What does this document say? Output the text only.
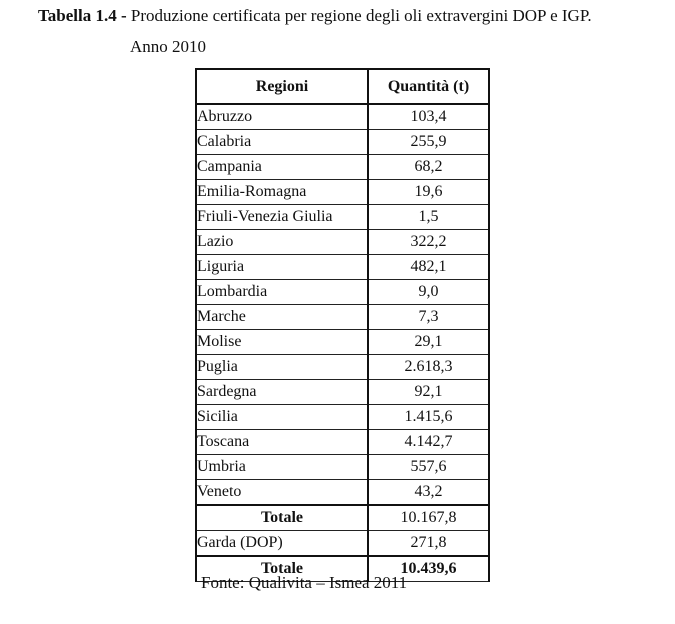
Tabella 1.4 - Produzione certificata per regione degli oli extravergini DOP e IGP.
Anno 2010
Regioni	Quantità (t)
Abruzzo	103,4
Calabria	255,9
Campania	68,2
Emilia-Romagna	19,6
Friuli-Venezia Giulia	1,5
Lazio	322,2
Liguria	482,1
Lombardia	9,0
Marche	7,3
Molise	29,1
Puglia	2.618,3
Sardegna	92,1
Sicilia	1.415,6
Toscana	4.142,7
Umbria	557,6
Veneto	43,2
Totale	10.167,8
Garda (DOP)	271,8
Totale	10.439,6
Fonte: Qualivita – Ismea 2011
